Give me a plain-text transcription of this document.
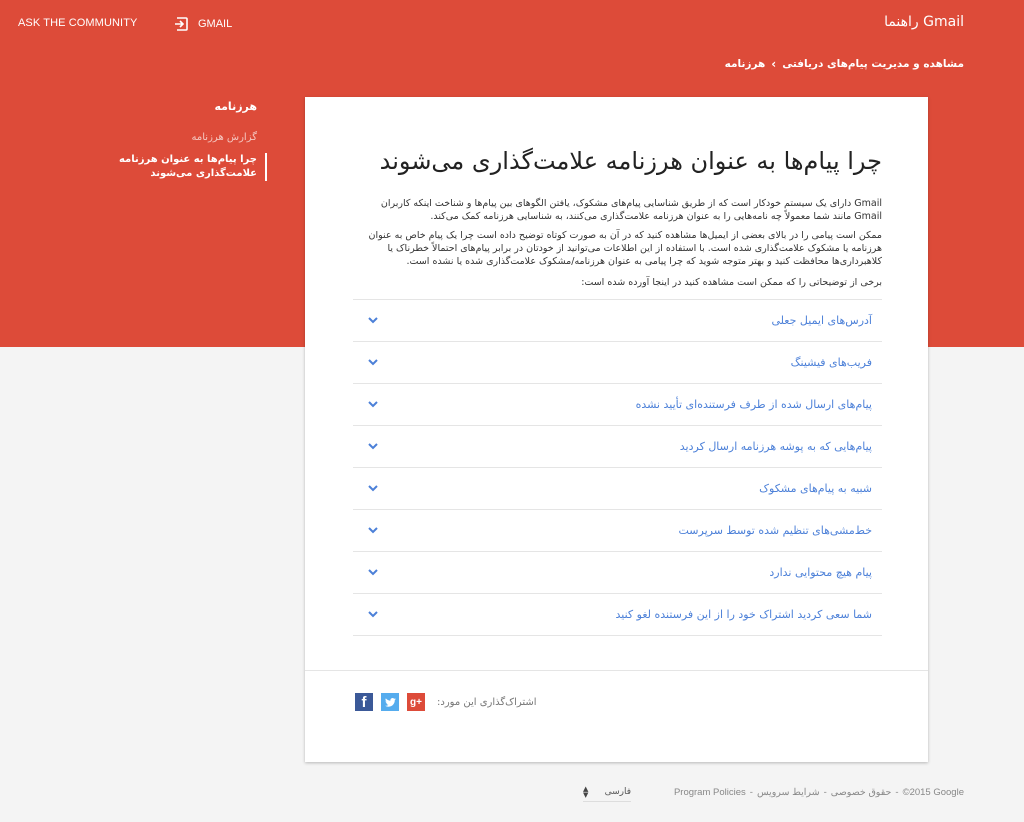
ASK THE COMMUNITY	GMAIL	Gmail راهنما
مشاهده و مدیریت پیام‌های دریافتی
›
هرزنامه
هرزنامه
گزارش هرزنامه
چرا پیام‌ها به عنوان هرزنامه علامت‌گذاری می‌شوند	چرا پیام‌ها به عنوان هرزنامه علامت‌گذاری می‌شوند

Gmail دارای یک سیستم خودکار است که از طریق شناسایی پیام‌های مشکوک، یافتن الگوهای بین پیام‌ها و شناخت اینکه کاربران Gmail مانند شما معمولاً چه نامه‌هایی را به عنوان هرزنامه علامت‌گذاری می‌کنند، به شناسایی هرزنامه کمک می‌کند.

ممکن است پیامی را در بالای بعضی از ایمیل‌ها مشاهده کنید که در آن به صورت کوتاه توضیح داده است چرا یک پیام خاص به عنوان هرزنامه یا مشکوک علامت‌گذاری شده است. با استفاده از این اطلاعات می‌توانید از خودتان در برابر پیام‌های احتمالاً خطرناک یا کلاهبرداری‌ها محافظت کنید و بهتر متوجه شوید که چرا پیامی به عنوان هرزنامه/مشکوک علامت‌گذاری شده یا نشده است.

برخی از توضیحاتی را که ممکن است مشاهده کنید در اینجا آورده شده است:

آدرس‌های ایمیل جعلی
فریب‌های فیشینگ
پیام‌های ارسال شده از طرف فرستنده‌ای تأیید نشده
پیام‌هایی که به پوشه هرزنامه ارسال کردید
شبیه به پیام‌های مشکوک
خط‌مشی‌های تنظیم شده توسط سرپرست
پیام هیچ محتوایی ندارد
شما سعی کردید اشتراک خود را از این فرستنده لغو کنید
f	g+	اشتراک‌گذاری این مورد:
▲
▼ فارسی	Program Policies - شرایط سرویس - حقوق خصوصی - ©2015 Google
